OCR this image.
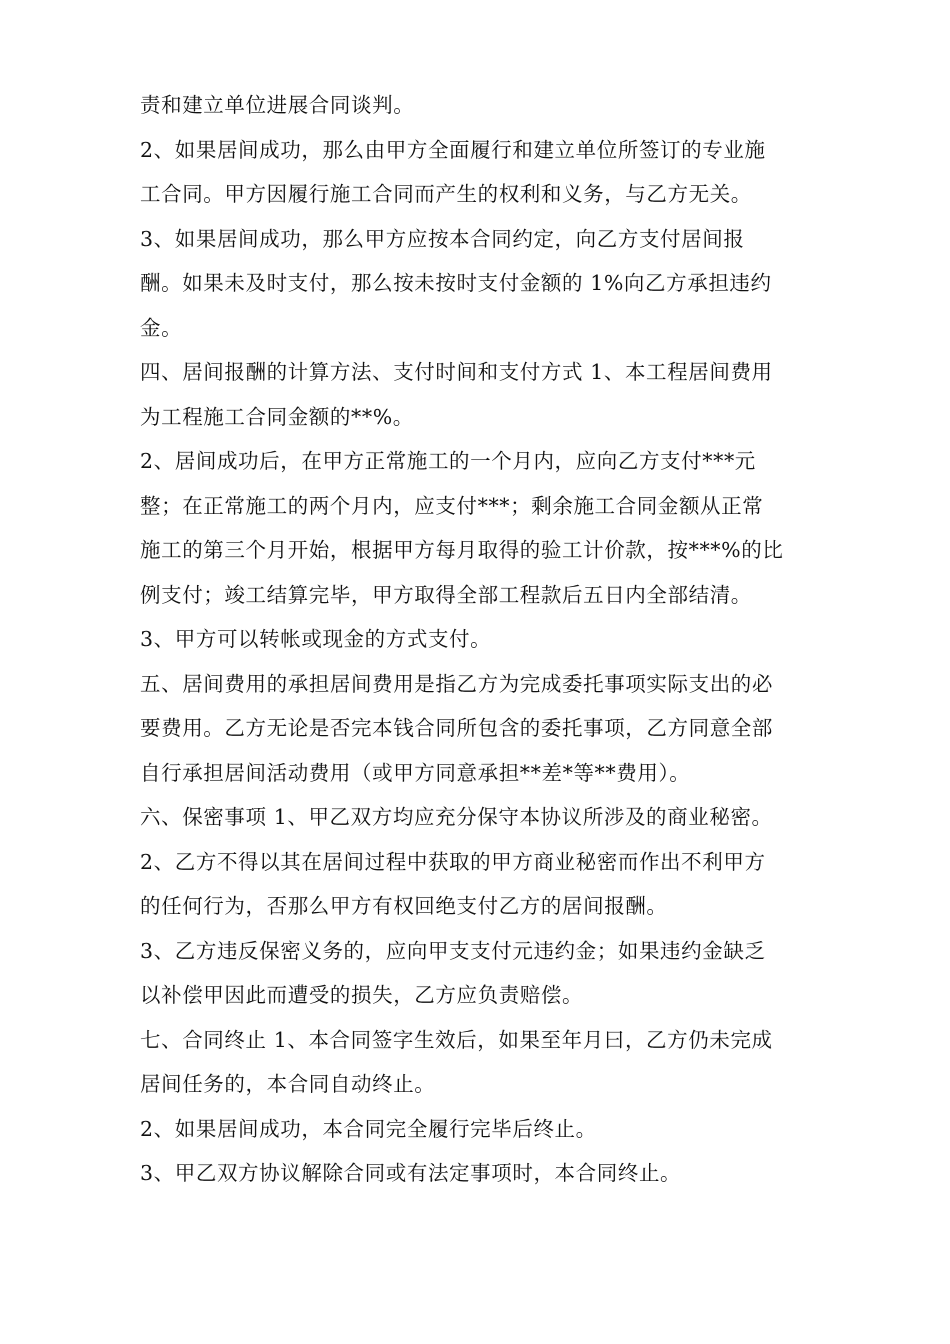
责和建立单位进展合同谈判。
2、如果居间成功，那么由甲方全面履行和建立单位所签订的专业施
工合同。甲方因履行施工合同而产生的权利和义务，与乙方无关。
3、如果居间成功，那么甲方应按本合同约定，向乙方支付居间报
酬。如果未及时支付，那么按未按时支付金额的 1%向乙方承担违约
金。
四、居间报酬的计算方法、支付时间和支付方式 1、本工程居间费用
为工程施工合同金额的**%。
2、居间成功后，在甲方正常施工的一个月内，应向乙方支付***元
整；在正常施工的两个月内，应支付***；剩余施工合同金额从正常
施工的第三个月开始，根据甲方每月取得的验工计价款，按***%的比
例支付；竣工结算完毕，甲方取得全部工程款后五日内全部结清。
3、甲方可以转帐或现金的方式支付。
五、居间费用的承担居间费用是指乙方为完成委托事项实际支出的必
要费用。乙方无论是否完本钱合同所包含的委托事项，乙方同意全部
自行承担居间活动费用（或甲方同意承担**差*等**费用）。
六、保密事项 1、甲乙双方均应充分保守本协议所涉及的商业秘密。
2、乙方不得以其在居间过程中获取的甲方商业秘密而作出不利甲方
的任何行为，否那么甲方有权回绝支付乙方的居间报酬。
3、乙方违反保密义务的，应向甲支支付元违约金；如果违约金缺乏
以补偿甲因此而遭受的损失，乙方应负责赔偿。
七、合同终止 1、本合同签字生效后，如果至年月曰，乙方仍未完成
居间任务的，本合同自动终止。
2、如果居间成功，本合同完全履行完毕后终止。
3、甲乙双方协议解除合同或有法定事项时，本合同终止。
